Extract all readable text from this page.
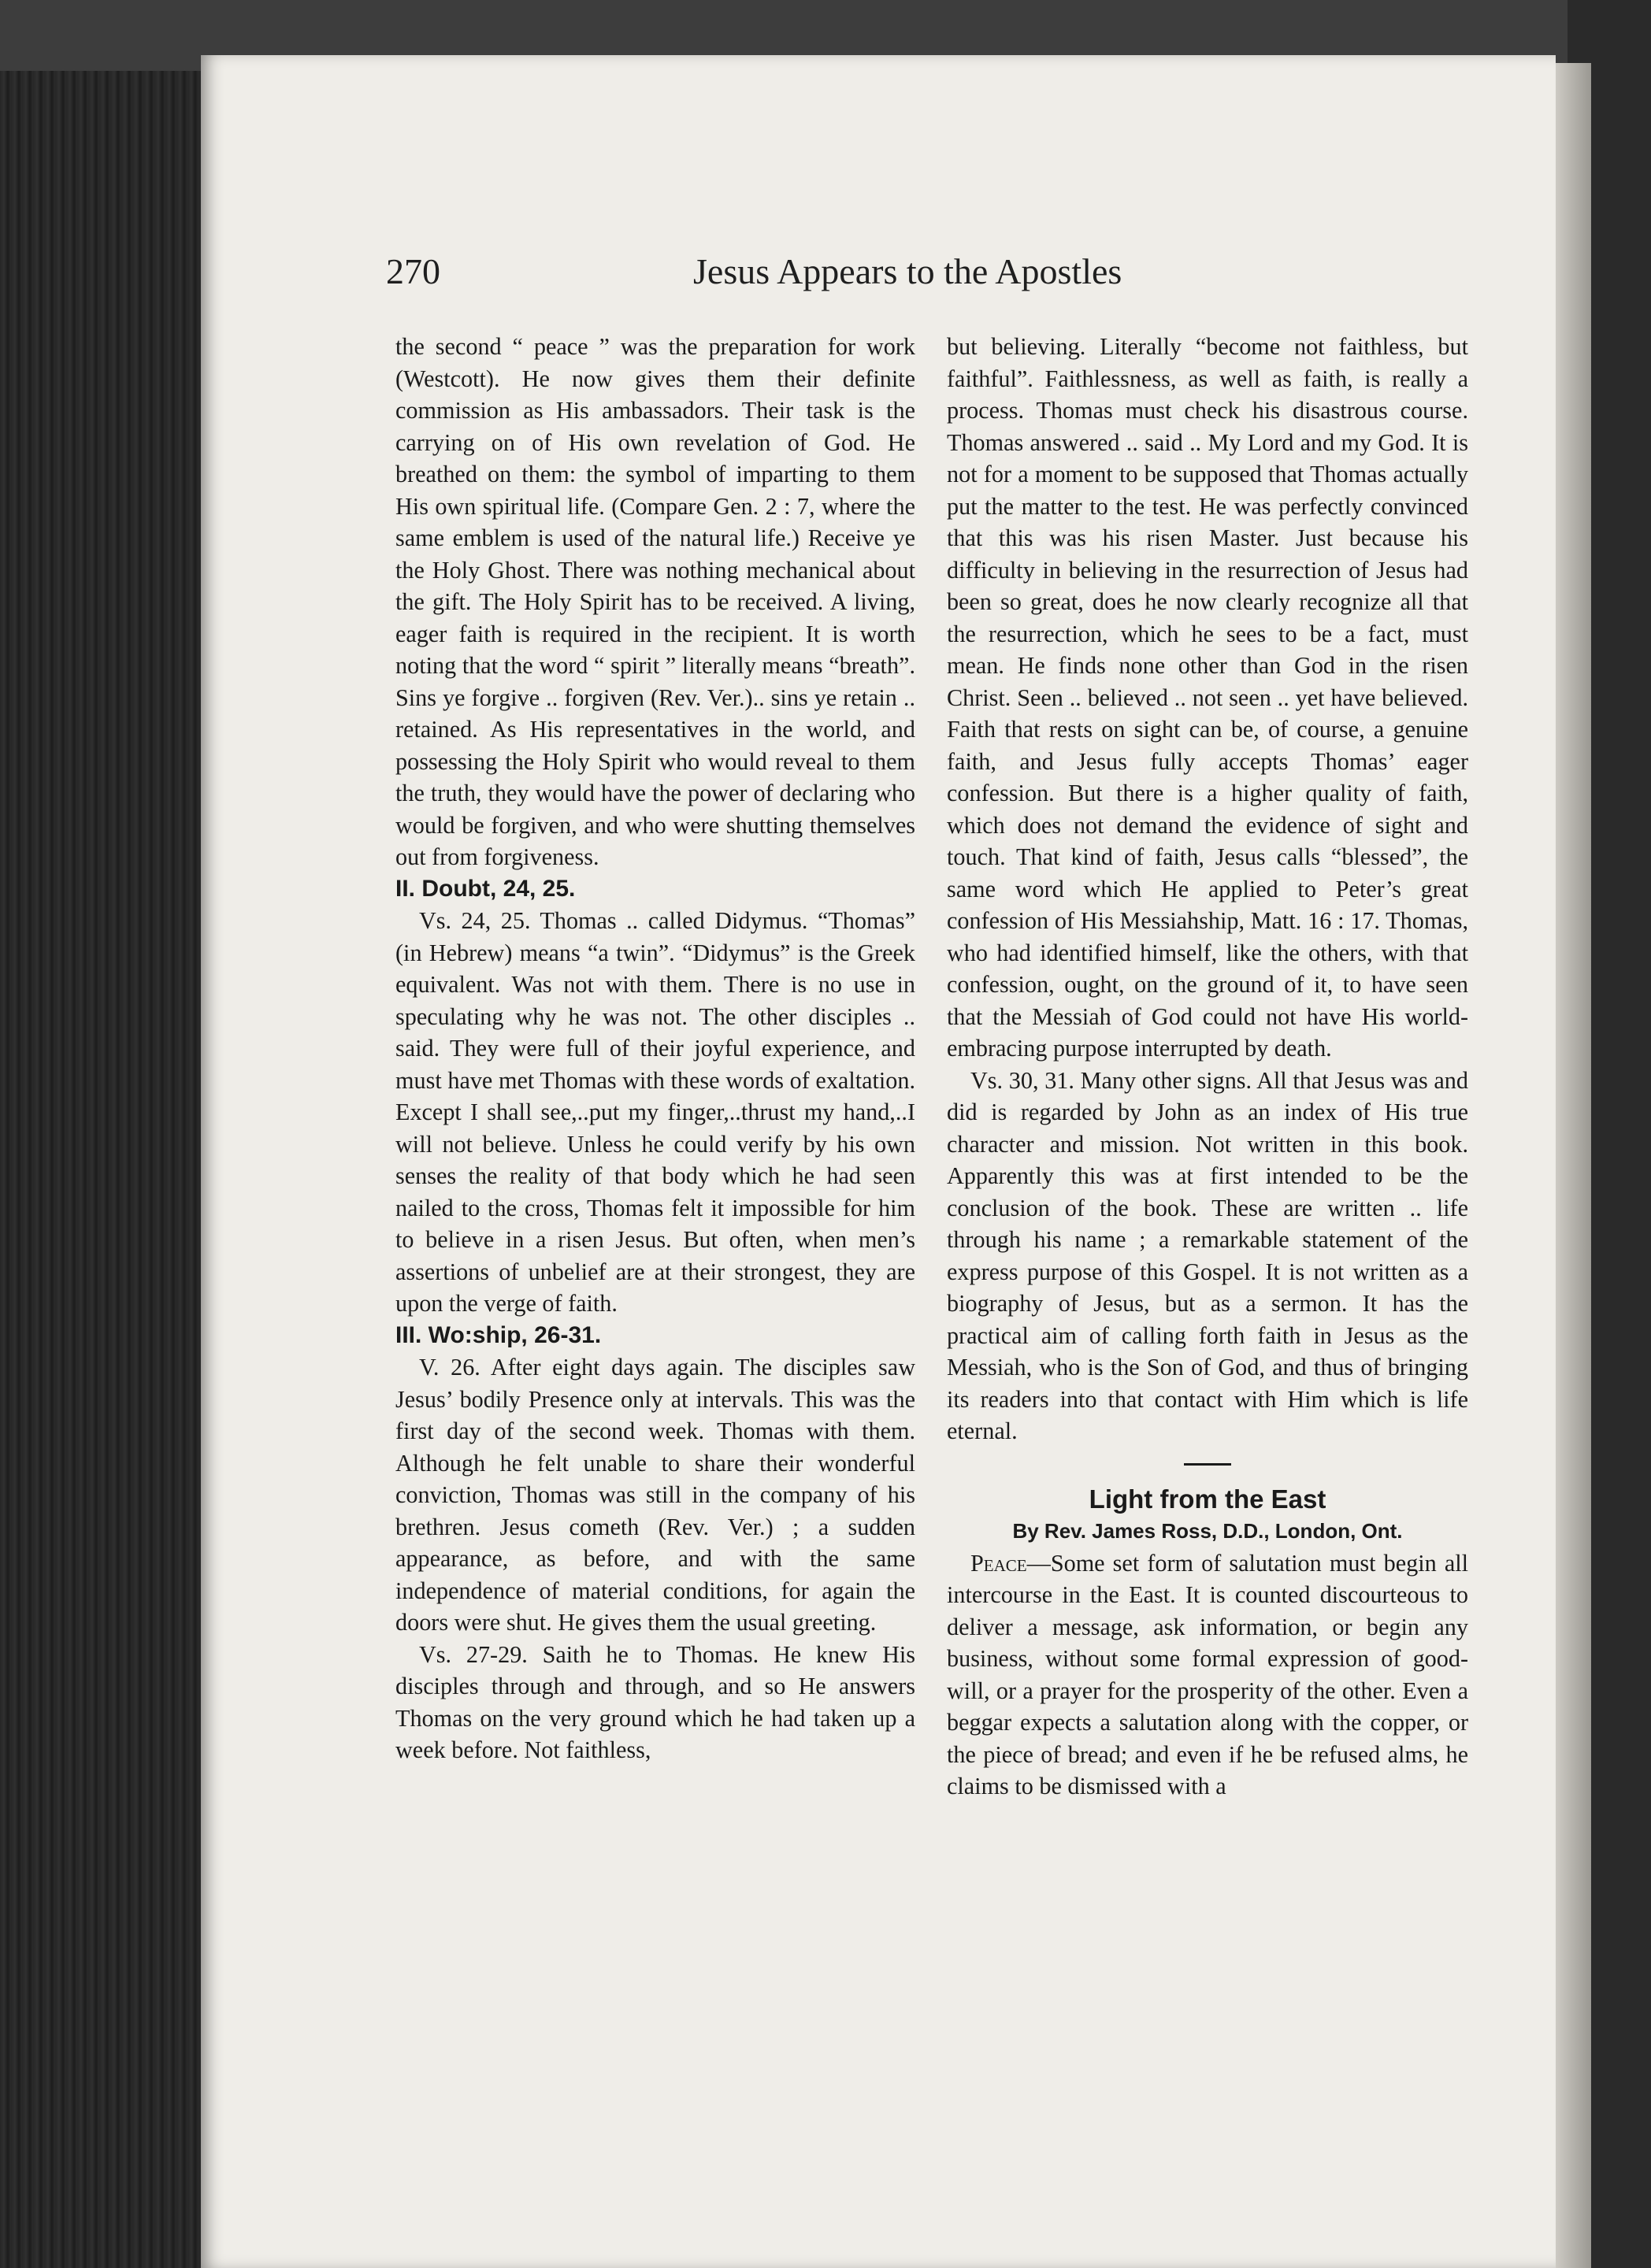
270	Jesus Appears to the Apostles

the second “ peace ” was the preparation for work (Westcott). He now gives them their definite commission as His ambassadors. Their task is the carrying on of His own revelation of God. He breathed on them: the symbol of imparting to them His own spiritual life. (Compare Gen. 2 : 7, where the same emblem is used of the natural life.) Receive ye the Holy Ghost. There was nothing mechanical about the gift. The Holy Spirit has to be received. A living, eager faith is required in the recipient. It is worth noting that the word “ spirit ” literally means “breath”. Sins ye forgive .. forgiven (Rev. Ver.).. sins ye retain .. retained. As His representatives in the world, and possessing the Holy Spirit who would reveal to them the truth, they would have the power of declaring who would be forgiven, and who were shutting themselves out from forgiveness.

II. Doubt, 24, 25.

Vs. 24, 25. Thomas .. called Didymus. “Thomas” (in Hebrew) means “a twin”. “Didymus” is the Greek equivalent. Was not with them. There is no use in speculating why he was not. The other disciples .. said. They were full of their joyful experience, and must have met Thomas with these words of exaltation. Except I shall see,..put my finger,..thrust my hand,..I will not believe. Unless he could verify by his own senses the reality of that body which he had seen nailed to the cross, Thomas felt it impossible for him to believe in a risen Jesus. But often, when men’s assertions of unbelief are at their strongest, they are upon the verge of faith.

III. Wo:ship, 26-31.

V. 26. After eight days again. The disciples saw Jesus’ bodily Presence only at intervals. This was the first day of the second week. Thomas with them. Although he felt unable to share their wonderful conviction, Thomas was still in the company of his brethren. Jesus cometh (Rev. Ver.) ; a sudden appearance, as before, and with the same independence of material conditions, for again the doors were shut. He gives them the usual greeting.

Vs. 27-29. Saith he to Thomas. He knew His disciples through and through, and so He answers Thomas on the very ground which he had taken up a week before. Not faithless,

but believing. Literally “become not faithless, but faithful”. Faithlessness, as well as faith, is really a process. Thomas must check his disastrous course. Thomas answered .. said .. My Lord and my God. It is not for a moment to be supposed that Thomas actually put the matter to the test. He was perfectly convinced that this was his risen Master. Just because his difficulty in believing in the resurrection of Jesus had been so great, does he now clearly recognize all that the resurrection, which he sees to be a fact, must mean. He finds none other than God in the risen Christ. Seen .. believed .. not seen .. yet have believed. Faith that rests on sight can be, of course, a genuine faith, and Jesus fully accepts Thomas’ eager confession. But there is a higher quality of faith, which does not demand the evidence of sight and touch. That kind of faith, Jesus calls “blessed”, the same word which He applied to Peter’s great confession of His Messiahship, Matt. 16 : 17. Thomas, who had identified himself, like the others, with that confession, ought, on the ground of it, to have seen that the Messiah of God could not have His world-embracing purpose interrupted by death.

Vs. 30, 31. Many other signs. All that Jesus was and did is regarded by John as an index of His true character and mission. Not written in this book. Apparently this was at first intended to be the conclusion of the book. These are written .. life through his name ; a remarkable statement of the express purpose of this Gospel. It is not written as a biography of Jesus, but as a sermon. It has the practical aim of calling forth faith in Jesus as the Messiah, who is the Son of God, and thus of bringing its readers into that contact with Him which is life eternal.

Light from the East
By Rev. James Ross, D.D., London, Ont.

Peace—Some set form of salutation must begin all intercourse in the East. It is counted discourteous to deliver a message, ask information, or begin any business, without some formal expression of good-will, or a prayer for the prosperity of the other. Even a beggar expects a salutation along with the copper, or the piece of bread; and even if he be refused alms, he claims to be dismissed with a
